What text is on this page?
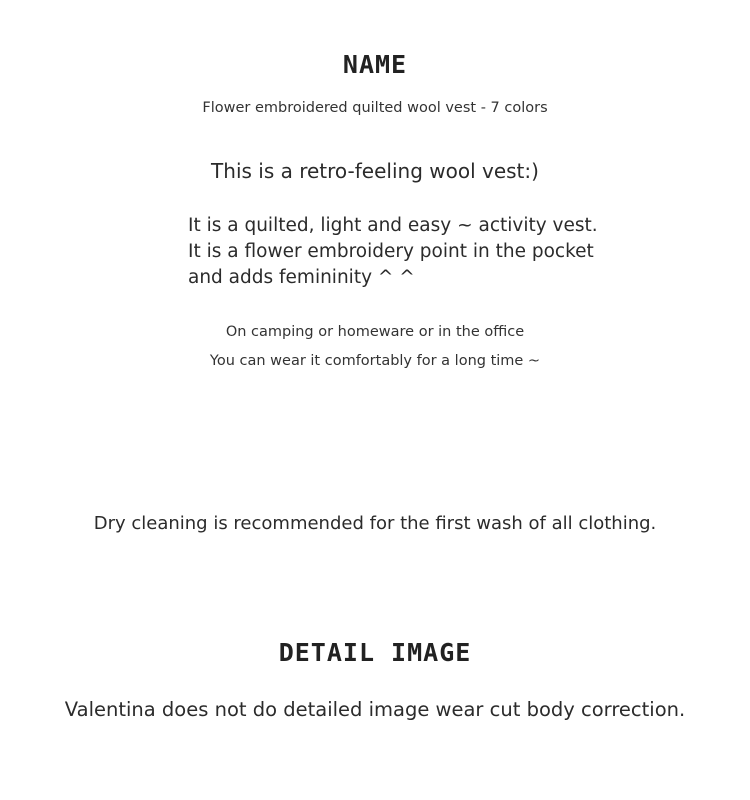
NAME
Flower embroidered quilted wool vest - 7 colors
This is a retro-feeling wool vest:)
It is a quilted, light and easy ~ activity vest.
It is a flower embroidery point in the pocket
and adds femininity ^ ^
On camping or homeware or in the office
You can wear it comfortably for a long time ~
Dry cleaning is recommended for the first wash of all clothing.
DETAIL IMAGE
Valentina does not do detailed image wear cut body correction.
